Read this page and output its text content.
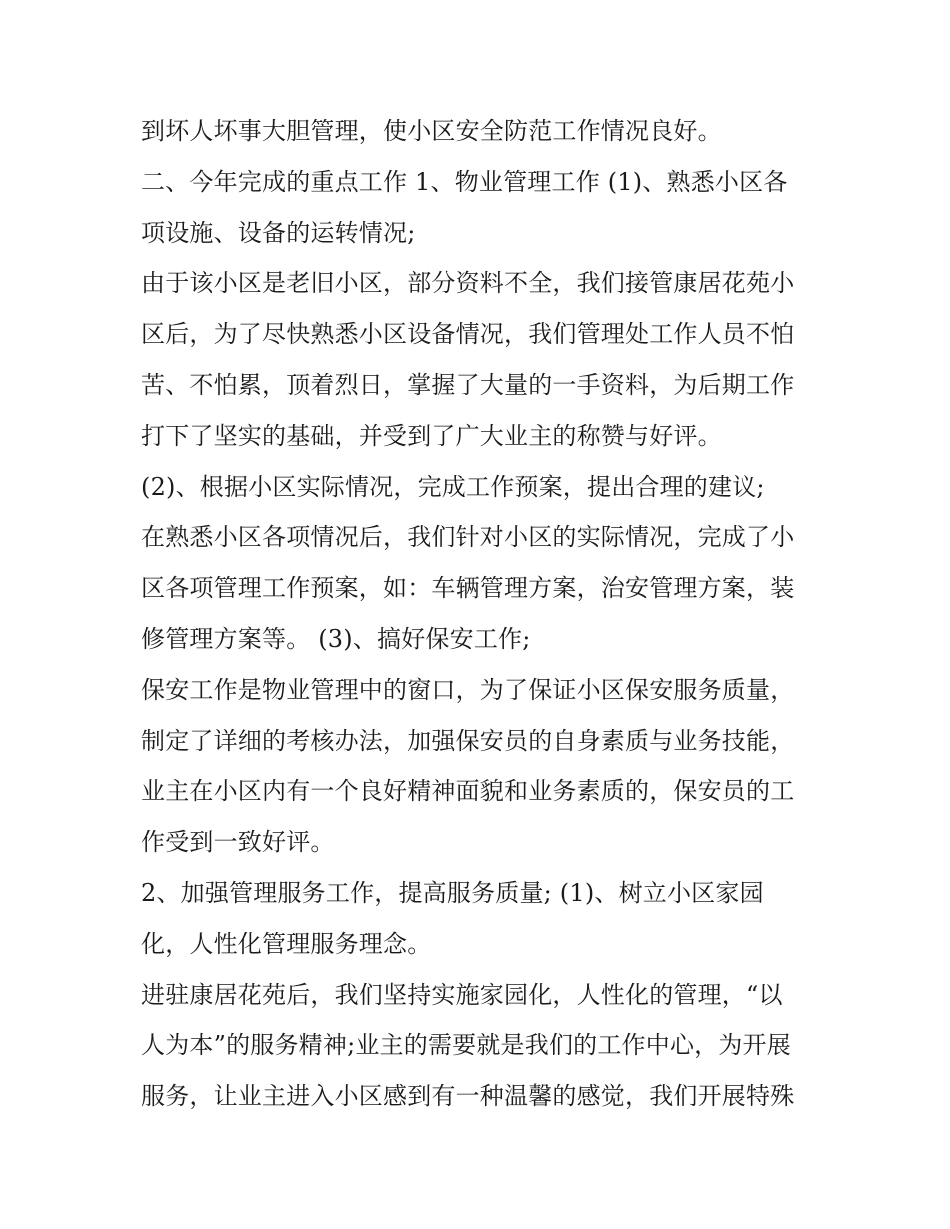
到坏人坏事大胆管理，使小区安全防范工作情况良好。
二、今年完成的重点工作 1、物业管理工作 (1)、熟悉小区各
项设施、设备的运转情况;
由于该小区是老旧小区，部分资料不全，我们接管康居花苑小
区后，为了尽快熟悉小区设备情况，我们管理处工作人员不怕
苦、不怕累，顶着烈日，掌握了大量的一手资料，为后期工作
打下了坚实的基础，并受到了广大业主的称赞与好评。
(2)、根据小区实际情况，完成工作预案，提出合理的建议;
在熟悉小区各项情况后，我们针对小区的实际情况，完成了小
区各项管理工作预案，如：车辆管理方案，治安管理方案，装
修管理方案等。 (3)、搞好保安工作;
保安工作是物业管理中的窗口，为了保证小区保安服务质量，
制定了详细的考核办法，加强保安员的自身素质与业务技能，
业主在小区内有一个良好精神面貌和业务素质的，保安员的工
作受到一致好评。
2、加强管理服务工作，提高服务质量; (1)、树立小区家园
化，人性化管理服务理念。
进驻康居花苑后，我们坚持实施家园化，人性化的管理，“以
人为本”的服务精神;业主的需要就是我们的工作中心，为开展
服务，让业主进入小区感到有一种温馨的感觉，我们开展特殊
